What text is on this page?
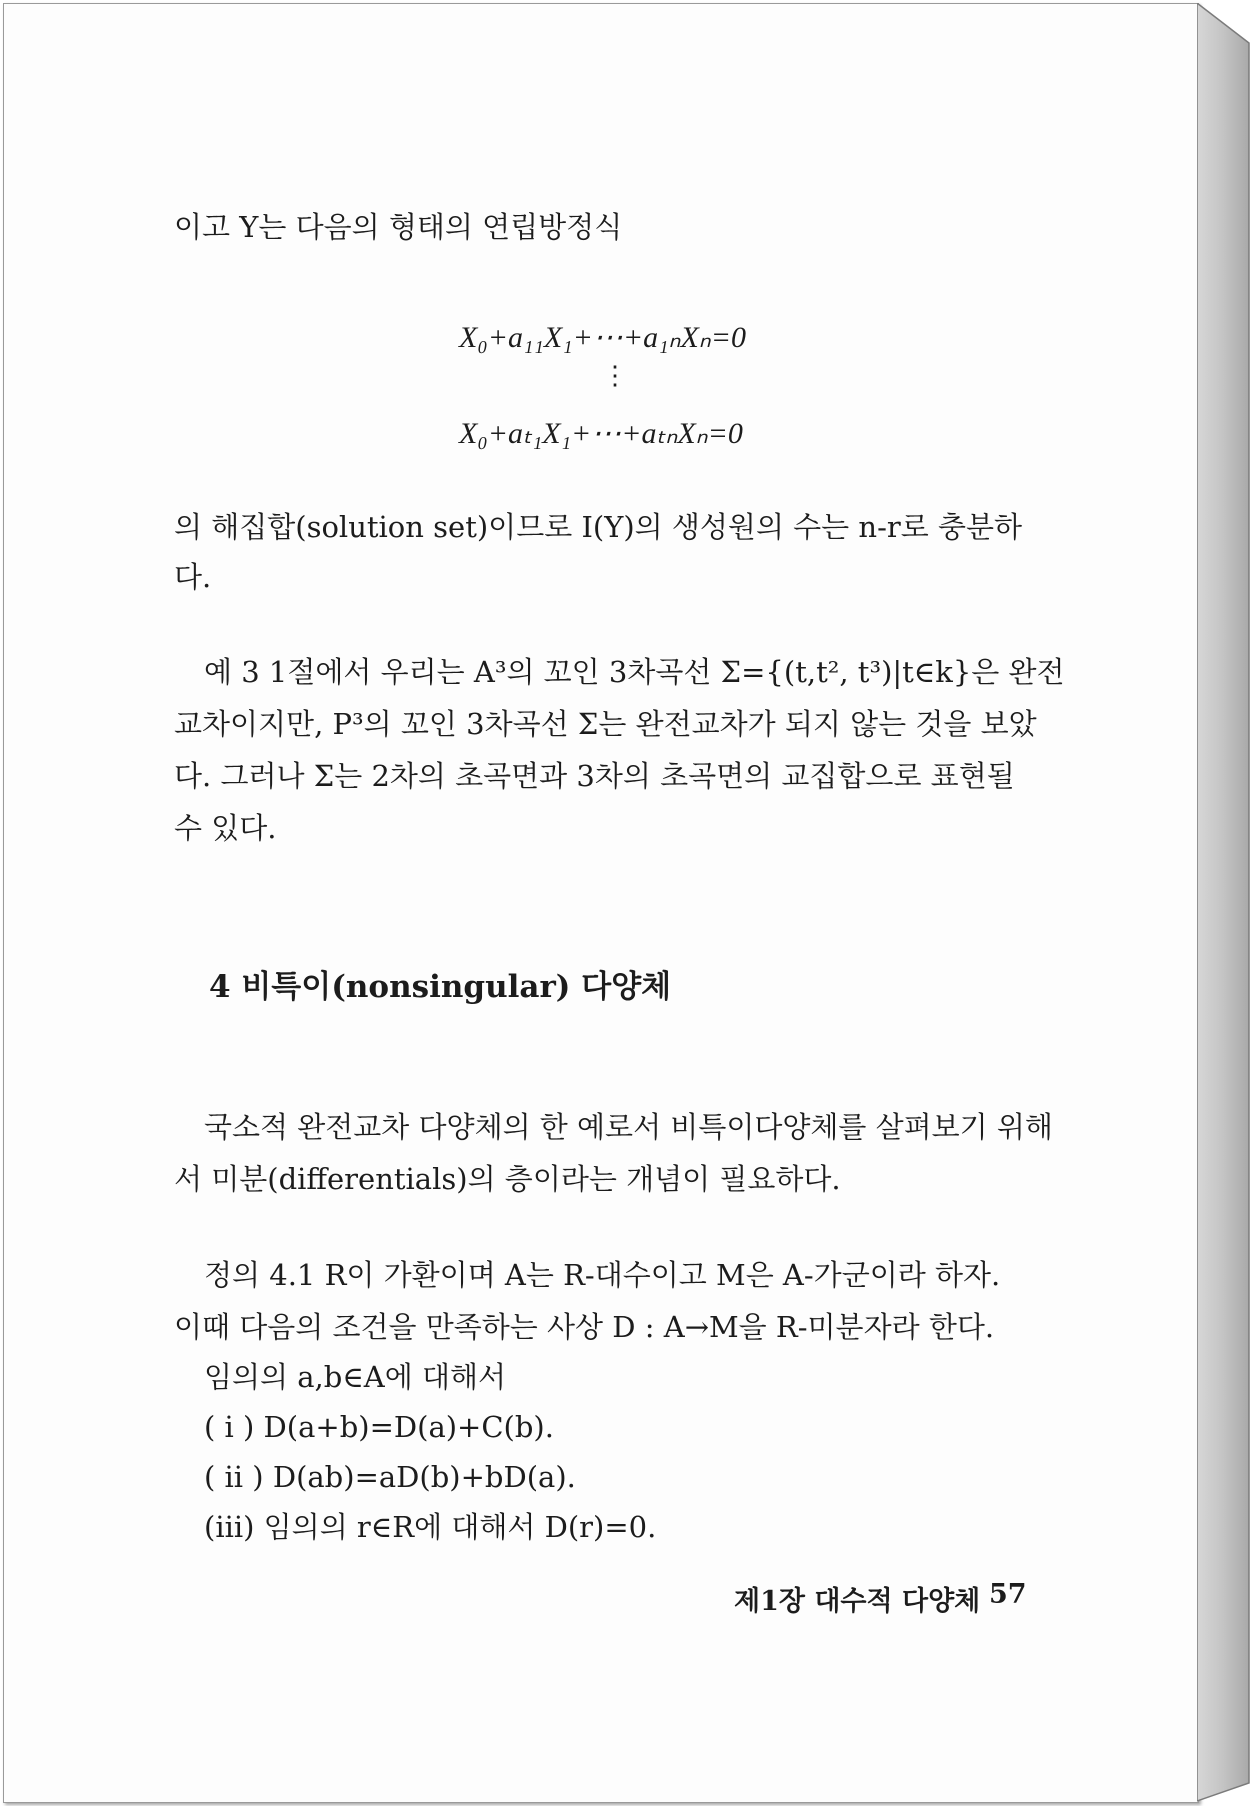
이고 Y는 다음의 형태의 연립방정식
X₀+a₁₁X₁+⋯+a₁ₙXₙ=0
⋮
X₀+aₜ₁X₁+⋯+aₜₙXₙ=0
의 해집합(solution set)이므로 I(Y)의 생성원의 수는 n-r로 충분하
다.
예 3 1절에서 우리는 A³의 꼬인 3차곡선 Σ={(t,t², t³)|t∈k}은 완전
교차이지만, P³의 꼬인 3차곡선 Σ는 완전교차가 되지 않는 것을 보았
다. 그러나 Σ는 2차의 초곡면과 3차의 초곡면의 교집합으로 표현될
수 있다.
4 비특이(nonsingular) 다양체
국소적 완전교차 다양체의 한 예로서 비특이다양체를 살펴보기 위해
서 미분(differentials)의 층이라는 개념이 필요하다.
정의 4.1 R이 가환이며 A는 R-대수이고 M은 A-가군이라 하자.
이때 다음의 조건을 만족하는 사상 D : A→M을 R-미분자라 한다.
임의의 a,b∈A에 대해서
( i ) D(a+b)=D(a)+C(b).
( ii ) D(ab)=aD(b)+bD(a).
(iii) 임의의 r∈R에 대해서 D(r)=0.
제1장 대수적 다양체 57
